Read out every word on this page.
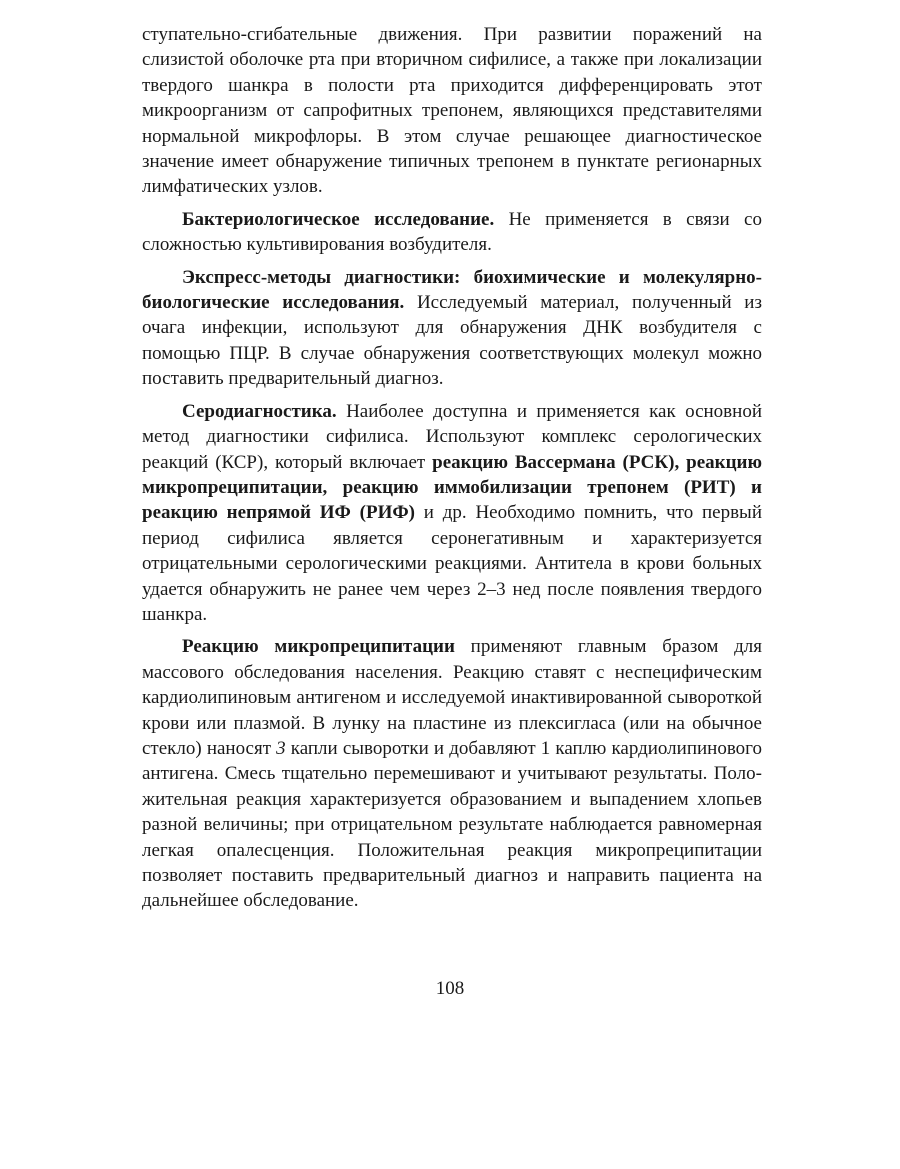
ступательно-сгибательные движения. При развитии поражений на слизистой оболочке рта при вторичном сифилисе, а также при локализации твердого шанкра в полости рта приходится дифференцировать этот микроорганизм от сапрофитных трепонем, являющихся представителями нормальной микрофлоры. В этом случае решающее диагностическое значение имеет обнаружение типичных трепонем в пунктате регионарных лимфатических узлов.

Бактериологическое исследование. Не применяется в связи со сложностью культивирования возбудителя.

Экспресс-методы диагностики: биохимические и молекулярно-биологические исследования. Исследуемый материал, полученный из очага инфекции, используют для обнаружения ДНК возбудителя с помощью ПЦР. В случае обнаружения соответствующих молекул можно поставить предварительный диагноз.

Серодиагностика. Наиболее доступна и применяется как основной метод диагностики сифилиса. Используют комплекс серологических реакций (КСР), который включает реакцию Вассермана (РСК), реакцию микропреципитации, реакцию иммобилизации трепонем (РИТ) и реакцию непрямой ИФ (РИФ) и др. Необходимо помнить, что первый период сифилиса является серонегативным и характеризуется отрицательными серологическими реакциями. Антитела в крови больных удается обнаружить не ранее чем через 2–3 нед после появления твердого шанкра.

Реакцию микропреципитации применяют главным бразом для массового обследования населения. Реакцию ставят с неспецифическим кардиолипиновым антигеном и исследуемой инактивированной сывороткой крови или плазмой. В лунку на пластине из плексигласа (или на обычное стекло) наносят 3 капли сыворотки и добавляют 1 каплю кардиолипинового антигена. Смесь тщательно перемешивают и учитывают результаты. Положительная реакция характеризуется образованием и выпадением хлопьев разной величины; при отрицательном результате наблюдается равномерная легкая опалесценция. Положительная реакция микропреципитации позволяет поставить предварительный диагноз и направить пациента на дальнейшее обследование.

108
